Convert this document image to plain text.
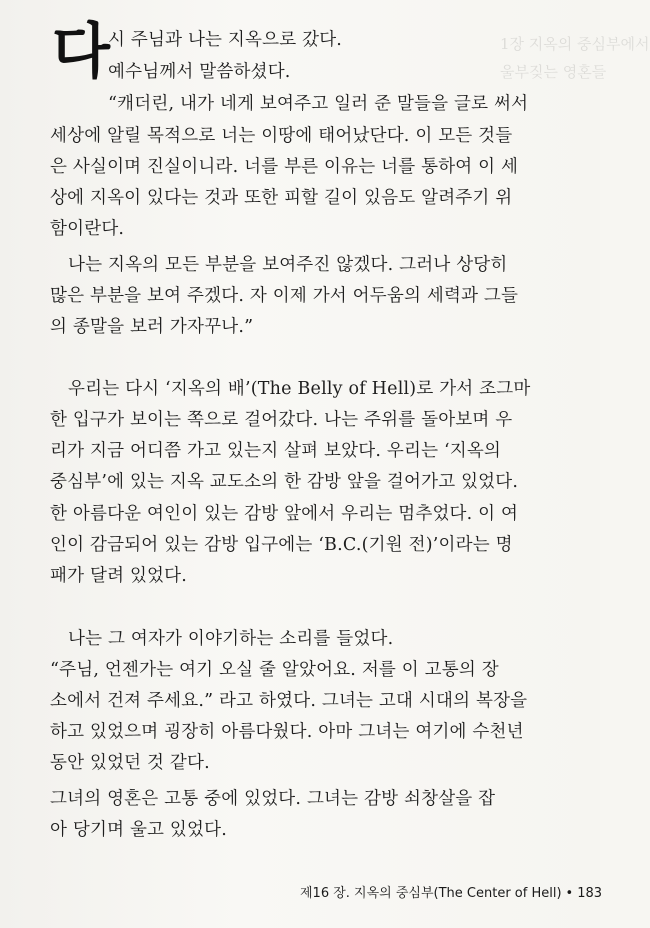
1장 지옥의 중심부에서
울부짖는 영혼들
다
시 주님과 나는 지옥으로 갔다.
예수님께서 말씀하셨다.
“캐더린, 내가 네게 보여주고 일러 준 말들을 글로 써서
세상에 알릴 목적으로 너는 이땅에 태어났단다. 이 모든 것들
은 사실이며 진실이니라. 너를 부른 이유는 너를 통하여 이 세
상에 지옥이 있다는 것과 또한 피할 길이 있음도 알려주기 위
함이란다.
나는 지옥의 모든 부분을 보여주진 않겠다. 그러나 상당히
많은 부분을 보여 주겠다. 자 이제 가서 어두움의 세력과 그들
의 종말을 보러 가자꾸나.”
우리는 다시 ‘지옥의 배’(The Belly of Hell)로 가서 조그마
한 입구가 보이는 쪽으로 걸어갔다. 나는 주위를 돌아보며 우
리가 지금 어디쯤 가고 있는지 살펴 보았다. 우리는 ‘지옥의
중심부’에 있는 지옥 교도소의 한 감방 앞을 걸어가고 있었다.
한 아름다운 여인이 있는 감방 앞에서 우리는 멈추었다. 이 여
인이 감금되어 있는 감방 입구에는 ‘B.C.(기원 전)’이라는 명
패가 달려 있었다.
나는 그 여자가 이야기하는 소리를 들었다.
“주님, 언젠가는 여기 오실 줄 알았어요. 저를 이 고통의 장
소에서 건져 주세요.” 라고 하였다. 그녀는 고대 시대의 복장을
하고 있었으며 굉장히 아름다웠다. 아마 그녀는 여기에 수천년
동안 있었던 것 같다.
그녀의 영혼은 고통 중에 있었다. 그녀는 감방 쇠창살을 잡
아 당기며 울고 있었다.
제16 장. 지옥의 중심부(The Center of Hell) • 183
